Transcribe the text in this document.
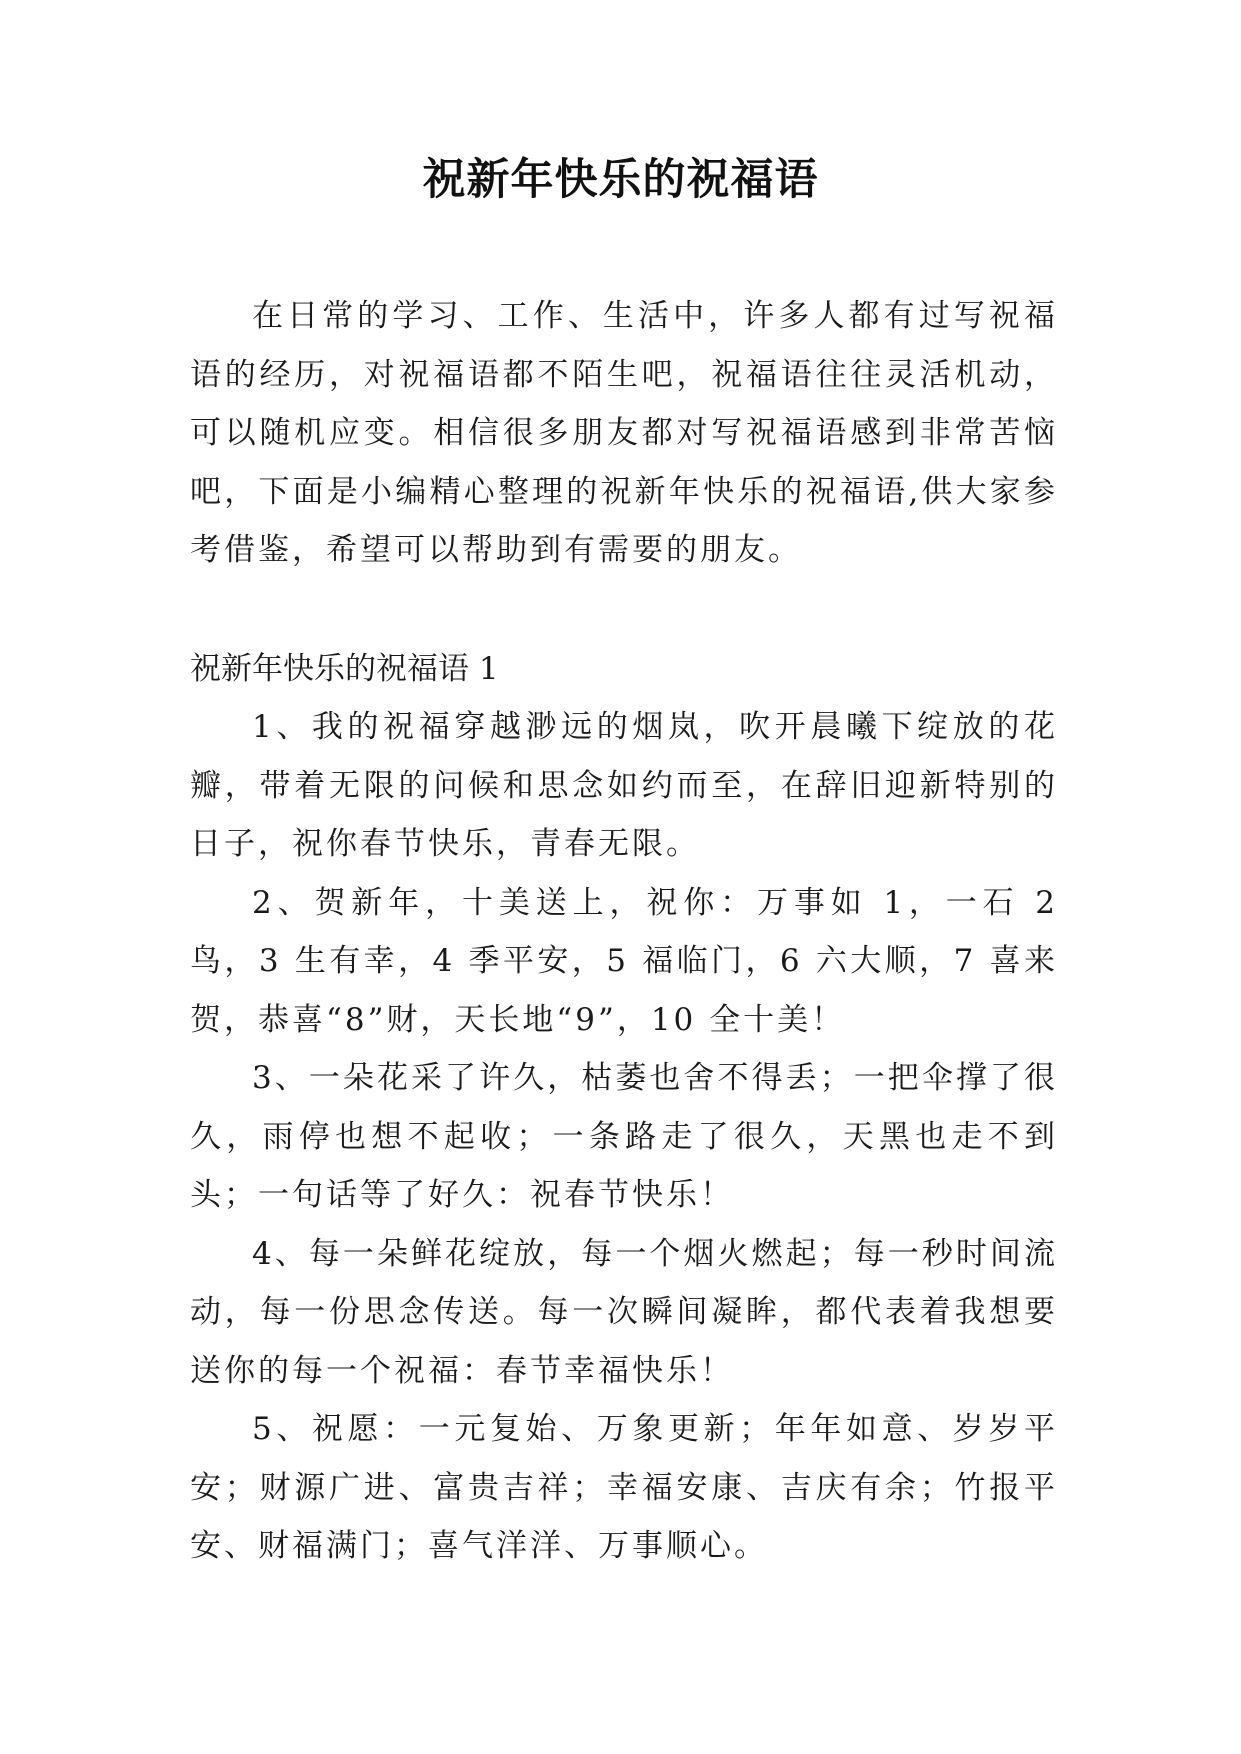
祝新年快乐的祝福语

在日常的学习、工作、生活中，许多人都有过写祝福语的经历，对祝福语都不陌生吧，祝福语往往灵活机动，可以随机应变。相信很多朋友都对写祝福语感到非常苦恼吧，下面是小编精心整理的祝新年快乐的祝福语,供大家参考借鉴，希望可以帮助到有需要的朋友。

祝新年快乐的祝福语 1

1、我的祝福穿越渺远的烟岚，吹开晨曦下绽放的花瓣，带着无限的问候和思念如约而至，在辞旧迎新特别的日子，祝你春节快乐，青春无限。

2、贺新年，十美送上，祝你：万事如 1，一石 2 鸟，3 生有幸，4 季平安，5 福临门，6 六大顺，7 喜来贺，恭喜“8”财，天长地“9”，10 全十美！

3、一朵花采了许久，枯萎也舍不得丢；一把伞撑了很久，雨停也想不起收；一条路走了很久，天黑也走不到头；一句话等了好久：祝春节快乐！

4、每一朵鲜花绽放，每一个烟火燃起；每一秒时间流动，每一份思念传送。每一次瞬间凝眸，都代表着我想要送你的每一个祝福：春节幸福快乐！

5、祝愿：一元复始、万象更新；年年如意、岁岁平安；财源广进、富贵吉祥；幸福安康、吉庆有余；竹报平安、财福满门；喜气洋洋、万事顺心。
